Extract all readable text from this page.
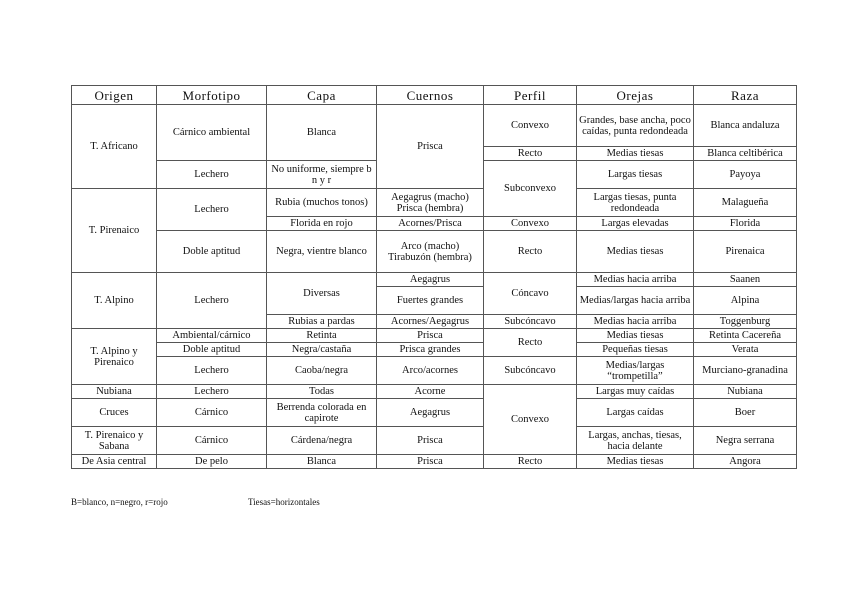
Origen	Morfotipo	Capa	Cuernos	Perfil	Orejas	Raza
T. Africano	Cárnico ambiental	Blanca	Prisca	Convexo	Grandes, base ancha, poco caídas, punta redondeada	Blanca andaluza
				Recto	Medias tiesas	Blanca celtibérica
	Lechero	No uniforme, siempre b n y r		Subconvexo	Largas tiesas	Payoya
T. Pirenaico	Lechero	Rubia (muchos tonos)	Aegagrus (macho) Prisca (hembra)		Largas tiesas, punta redondeada	Malagueña
		Florida en rojo	Acornes/Prisca	Convexo	Largas elevadas	Florida
	Doble aptitud	Negra, vientre blanco	Arco (macho) Tirabuzón (hembra)	Recto	Medias tiesas	Pirenaica
T. Alpino	Lechero	Diversas	Aegagrus	Cóncavo	Medias hacia arriba	Saanen
			Fuertes grandes		Medias/largas hacia arriba	Alpina
		Rubias a pardas	Acornes/Aegagrus	Subcóncavo	Medias hacia arriba	Toggenburg
T. Alpino y Pirenaico	Ambiental/cárnico	Retinta	Prisca	Recto	Medias tiesas	Retinta Cacereña
	Doble aptitud	Negra/castaña	Prisca grandes		Pequeñas tiesas	Verata
	Lechero	Caoba/negra	Arco/acornes	Subcóncavo	Medias/largas “trompetilla”	Murciano-granadina
Nubiana	Lechero	Todas	Acorne	Convexo	Largas muy caídas	Nubiana
Cruces	Cárnico	Berrenda colorada en capirote	Aegagrus		Largas caídas	Boer
T. Pirenaico y Sabana	Cárnico	Cárdena/negra	Prisca		Largas, anchas, tiesas, hacia delante	Negra serrana
De Asia central	De pelo	Blanca	Prisca	Recto	Medias tiesas	Angora
B=blanco, n=negro, r=rojo	Tiesas=horizontales
